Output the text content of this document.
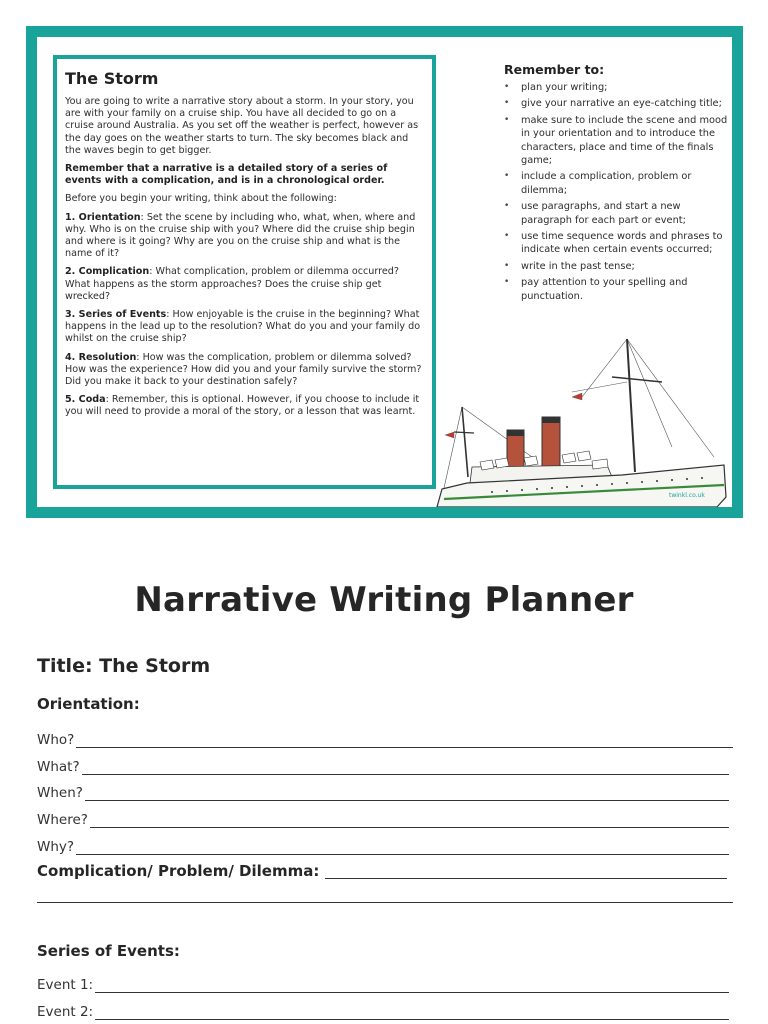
The Storm

You are going to write a narrative story about a storm. In your story, you are with your family on a cruise ship. You have all decided to go on a cruise around Australia. As you set off the weather is perfect, however as the day goes on the weather starts to turn. The sky becomes black and the waves begin to get bigger.

Remember that a narrative is a detailed story of a series of events with a complication, and is in a chronological order.

Before you begin your writing, think about the following:

1. Orientation: Set the scene by including who, what, when, where and why. Who is on the cruise ship with you? Where did the cruise ship begin and where is it going? Why are you on the cruise ship and what is the name of it?

2. Complication: What complication, problem or dilemma occurred? What happens as the storm approaches? Does the cruise ship get wrecked?

3. Series of Events: How enjoyable is the cruise in the beginning? What happens in the lead up to the resolution? What do you and your family do whilst on the cruise ship?

4. Resolution: How was the complication, problem or dilemma solved? How was the experience? How did you and your family survive the storm? Did you make it back to your destination safely?

5. Coda: Remember, this is optional. However, if you choose to include it you will need to provide a moral of the story, or a lesson that was learnt.

Remember to:
• plan your writing;
• give your narrative an eye-catching title;
• make sure to include the scene and mood in your orientation and to introduce the characters, place and time of the finals game;
• include a complication, problem or dilemma;
• use paragraphs, and start a new paragraph for each part or event;
• use time sequence words and phrases to indicate when certain events occurred;
• write in the past tense;
• pay attention to your spelling and punctuation.
twinkl.co.uk
Narrative Writing Planner
Title: The Storm
Orientation:
Who?
What?
When?
Where?
Why?
Complication/ Problem/ Dilemma:
Series of Events:
Event 1:
Event 2:
